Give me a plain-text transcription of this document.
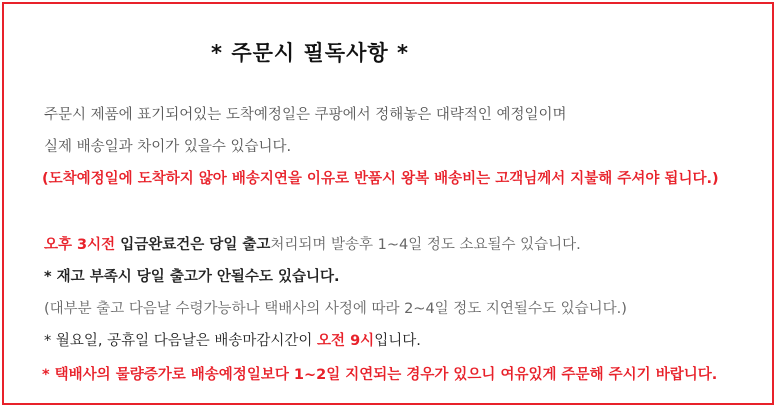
* 주문시 필독사항 *
주문시 제품에 표기되어있는 도착예정일은 쿠팡에서 정해놓은 대략적인 예정일이며
실제 배송일과 차이가 있을수 있습니다.
(도착예정일에 도착하지 않아 배송지연을 이유로 반품시 왕복 배송비는 고객님께서 지불해 주셔야 됩니다.)
오후 3시전 입금완료건은 당일 출고처리되며 발송후 1~4일 정도 소요될수 있습니다.
* 재고 부족시 당일 출고가 안될수도 있습니다.
(대부분 출고 다음날 수령가능하나 택배사의 사정에 따라 2~4일 정도 지연될수도 있습니다.)
* 월요일, 공휴일 다음날은 배송마감시간이 오전 9시입니다.
* 택배사의 물량증가로 배송예정일보다 1~2일 지연되는 경우가 있으니 여유있게 주문해 주시기 바랍니다.
